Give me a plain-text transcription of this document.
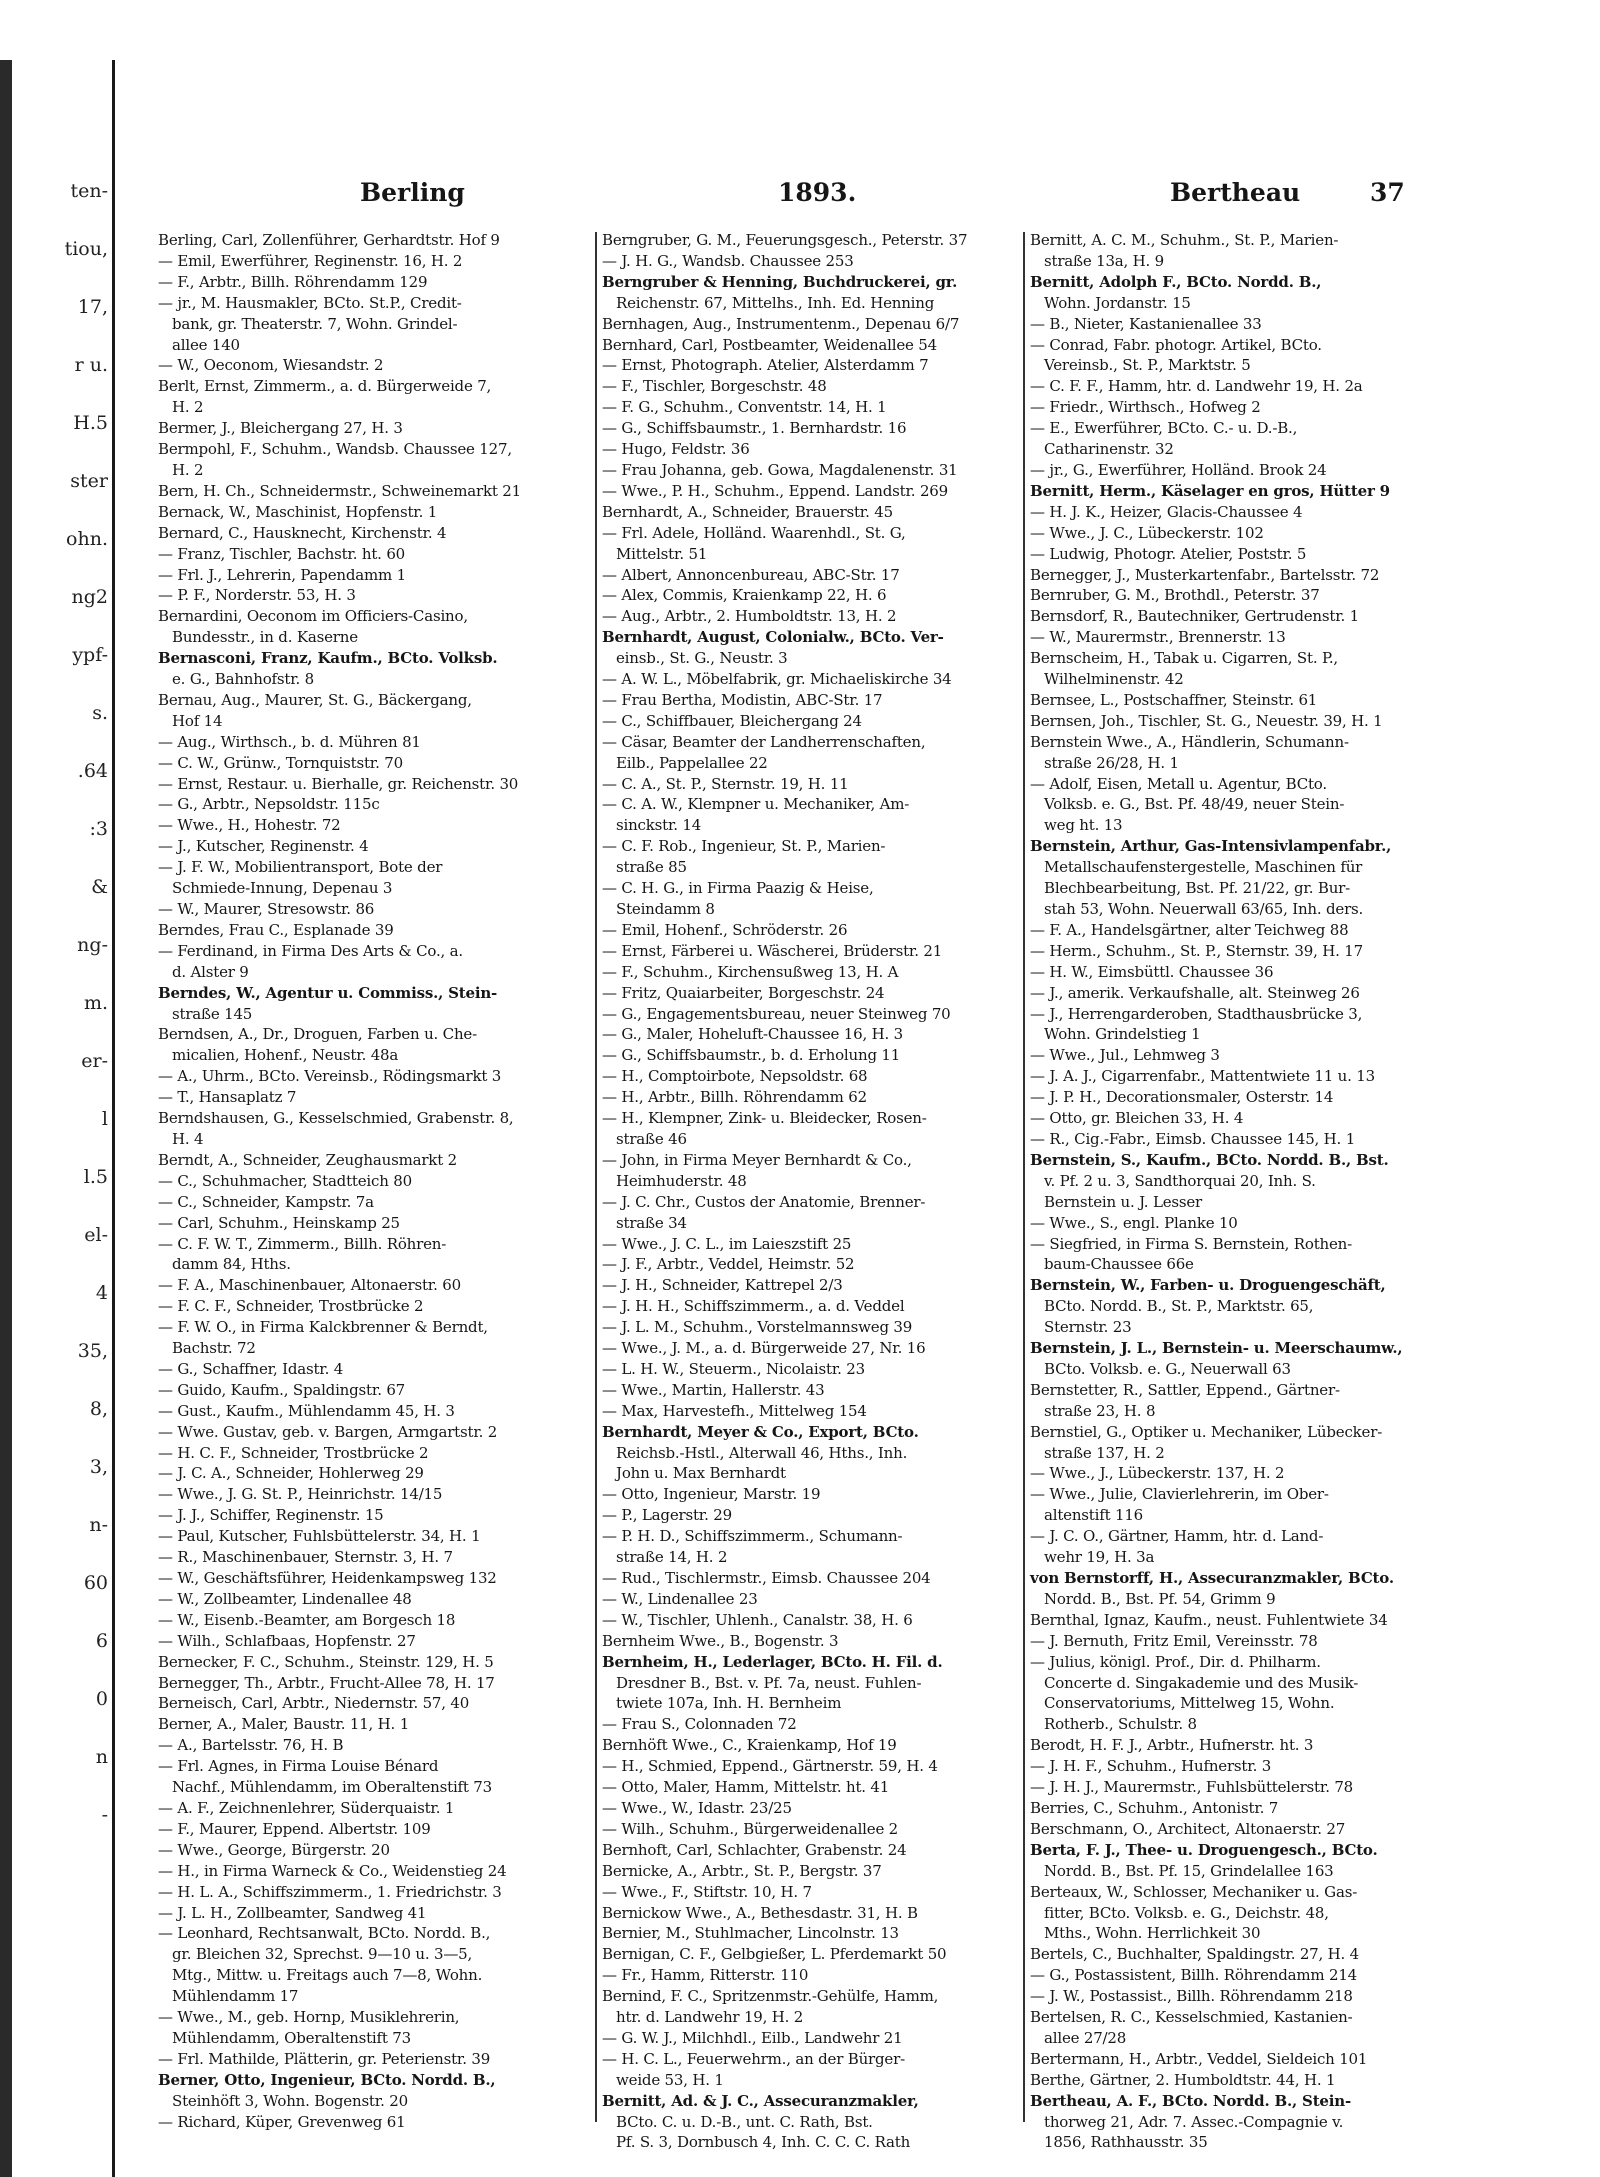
ten-
tiou,
17,
r u.
H.5
ster
ohn.
ng2
ypf-
s.
.64
:3
&
ng-
m.
er-
l
l.5
el-
4
35,
8,
3,
n-
60
6
0
n
-
Berling	1893.	Bertheau	37
Berling, Carl, Zollenführer, Gerhardtstr. Hof 9
— Emil, Ewerführer, Reginenstr. 16, H. 2
— F., Arbtr., Billh. Röhrendamm 129
— jr., M. Hausmakler, BCto. St.P., Credit-
bank, gr. Theaterstr. 7, Wohn. Grindel-
allee 140
— W., Oeconom, Wiesandstr. 2
Berlt, Ernst, Zimmerm., a. d. Bürgerweide 7,
H. 2
Bermer, J., Bleichergang 27, H. 3
Bermpohl, F., Schuhm., Wandsb. Chaussee 127,
H. 2
Bern, H. Ch., Schneidermstr., Schweinemarkt 21
Bernack, W., Maschinist, Hopfenstr. 1
Bernard, C., Hausknecht, Kirchenstr. 4
— Franz, Tischler, Bachstr. ht. 60
— Frl. J., Lehrerin, Papendamm 1
— P. F., Norderstr. 53, H. 3
Bernardini, Oeconom im Officiers-Casino,
Bundesstr., in d. Kaserne
Bernasconi, Franz, Kaufm., BCto. Volksb.
e. G., Bahnhofstr. 8
Bernau, Aug., Maurer, St. G., Bäckergang,
Hof 14
— Aug., Wirthsch., b. d. Mühren 81
— C. W., Grünw., Tornquiststr. 70
— Ernst, Restaur. u. Bierhalle, gr. Reichenstr. 30
— G., Arbtr., Nepsoldstr. 115c
— Wwe., H., Hohestr. 72
— J., Kutscher, Reginenstr. 4
— J. F. W., Mobilientransport, Bote der
Schmiede-Innung, Depenau 3
— W., Maurer, Stresowstr. 86
Berndes, Frau C., Esplanade 39
— Ferdinand, in Firma Des Arts & Co., a.
d. Alster 9
Berndes, W., Agentur u. Commiss., Stein-
straße 145
Berndsen, A., Dr., Droguen, Farben u. Che-
micalien, Hohenf., Neustr. 48a
— A., Uhrm., BCto. Vereinsb., Rödingsmarkt 3
— T., Hansaplatz 7
Berndshausen, G., Kesselschmied, Grabenstr. 8,
H. 4
Berndt, A., Schneider, Zeughausmarkt 2
— C., Schuhmacher, Stadtteich 80
— C., Schneider, Kampstr. 7a
— Carl, Schuhm., Heinskamp 25
— C. F. W. T., Zimmerm., Billh. Röhren-
damm 84, Hths.
— F. A., Maschinenbauer, Altonaerstr. 60
— F. C. F., Schneider, Trostbrücke 2
— F. W. O., in Firma Kalckbrenner & Berndt,
Bachstr. 72
— G., Schaffner, Idastr. 4
— Guido, Kaufm., Spaldingstr. 67
— Gust., Kaufm., Mühlendamm 45, H. 3
— Wwe. Gustav, geb. v. Bargen, Armgartstr. 2
— H. C. F., Schneider, Trostbrücke 2
— J. C. A., Schneider, Hohlerweg 29
— Wwe., J. G. St. P., Heinrichstr. 14/15
— J. J., Schiffer, Reginenstr. 15
— Paul, Kutscher, Fuhlsbüttelerstr. 34, H. 1
— R., Maschinenbauer, Sternstr. 3, H. 7
— W., Geschäftsführer, Heidenkampsweg 132
— W., Zollbeamter, Lindenallee 48
— W., Eisenb.-Beamter, am Borgesch 18
— Wilh., Schlafbaas, Hopfenstr. 27
Bernecker, F. C., Schuhm., Steinstr. 129, H. 5
Bernegger, Th., Arbtr., Frucht-Allee 78, H. 17
Berneisch, Carl, Arbtr., Niedernstr. 57, 40
Berner, A., Maler, Baustr. 11, H. 1
— A., Bartelsstr. 76, H. B
— Frl. Agnes, in Firma Louise Bénard
Nachf., Mühlendamm, im Oberaltenstift 73
— A. F., Zeichnenlehrer, Süderquaistr. 1
— F., Maurer, Eppend. Albertstr. 109
— Wwe., George, Bürgerstr. 20
— H., in Firma Warneck & Co., Weidenstieg 24
— H. L. A., Schiffszimmerm., 1. Friedrichstr. 3
— J. L. H., Zollbeamter, Sandweg 41
— Leonhard, Rechtsanwalt, BCto. Nordd. B.,
gr. Bleichen 32, Sprechst. 9—10 u. 3—5,
Mtg., Mittw. u. Freitags auch 7—8, Wohn.
Mühlendamm 17
— Wwe., M., geb. Hornp, Musiklehrerin,
Mühlendamm, Oberaltenstift 73
— Frl. Mathilde, Plätterin, gr. Peterienstr. 39
Berner, Otto, Ingenieur, BCto. Nordd. B.,
Steinhöft 3, Wohn. Bogenstr. 20
— Richard, Küper, Grevenweg 61
Berngruber, G. M., Feuerungsgesch., Peterstr. 37
— J. H. G., Wandsb. Chaussee 253
Berngruber & Henning, Buchdruckerei, gr.
Reichenstr. 67, Mittelhs., Inh. Ed. Henning
Bernhagen, Aug., Instrumentenm., Depenau 6/7
Bernhard, Carl, Postbeamter, Weidenallee 54
— Ernst, Photograph. Atelier, Alsterdamm 7
— F., Tischler, Borgeschstr. 48
— F. G., Schuhm., Conventstr. 14, H. 1
— G., Schiffsbaumstr., 1. Bernhardstr. 16
— Hugo, Feldstr. 36
— Frau Johanna, geb. Gowa, Magdalenenstr. 31
— Wwe., P. H., Schuhm., Eppend. Landstr. 269
Bernhardt, A., Schneider, Brauerstr. 45
— Frl. Adele, Holländ. Waarenhdl., St. G,
Mittelstr. 51
— Albert, Annoncenbureau, ABC-Str. 17
— Alex, Commis, Kraienkamp 22, H. 6
— Aug., Arbtr., 2. Humboldtstr. 13, H. 2
Bernhardt, August, Colonialw., BCto. Ver-
einsb., St. G., Neustr. 3
— A. W. L., Möbelfabrik, gr. Michaeliskirche 34
— Frau Bertha, Modistin, ABC-Str. 17
— C., Schiffbauer, Bleichergang 24
— Cäsar, Beamter der Landherrenschaften,
Eilb., Pappelallee 22
— C. A., St. P., Sternstr. 19, H. 11
— C. A. W., Klempner u. Mechaniker, Am-
sinckstr. 14
— C. F. Rob., Ingenieur, St. P., Marien-
straße 85
— C. H. G., in Firma Paazig & Heise,
Steindamm 8
— Emil, Hohenf., Schröderstr. 26
— Ernst, Färberei u. Wäscherei, Brüderstr. 21
— F., Schuhm., Kirchensußweg 13, H. A
— Fritz, Quaiarbeiter, Borgeschstr. 24
— G., Engagementsbureau, neuer Steinweg 70
— G., Maler, Hoheluft-Chaussee 16, H. 3
— G., Schiffsbaumstr., b. d. Erholung 11
— H., Comptoirbote, Nepsoldstr. 68
— H., Arbtr., Billh. Röhrendamm 62
— H., Klempner, Zink- u. Bleidecker, Rosen-
straße 46
— John, in Firma Meyer Bernhardt & Co.,
Heimhuderstr. 48
— J. C. Chr., Custos der Anatomie, Brenner-
straße 34
— Wwe., J. C. L., im Laieszstift 25
— J. F., Arbtr., Veddel, Heimstr. 52
— J. H., Schneider, Kattrepel 2/3
— J. H. H., Schiffszimmerm., a. d. Veddel
— J. L. M., Schuhm., Vorstelmannsweg 39
— Wwe., J. M., a. d. Bürgerweide 27, Nr. 16
— L. H. W., Steuerm., Nicolaistr. 23
— Wwe., Martin, Hallerstr. 43
— Max, Harvestefh., Mittelweg 154
Bernhardt, Meyer & Co., Export, BCto.
Reichsb.-Hstl., Alterwall 46, Hths., Inh.
John u. Max Bernhardt
— Otto, Ingenieur, Marstr. 19
— P., Lagerstr. 29
— P. H. D., Schiffszimmerm., Schumann-
straße 14, H. 2
— Rud., Tischlermstr., Eimsb. Chaussee 204
— W., Lindenallee 23
— W., Tischler, Uhlenh., Canalstr. 38, H. 6
Bernheim Wwe., B., Bogenstr. 3
Bernheim, H., Lederlager, BCto. H. Fil. d.
Dresdner B., Bst. v. Pf. 7a, neust. Fuhlen-
twiete 107a, Inh. H. Bernheim
— Frau S., Colonnaden 72
Bernhöft Wwe., C., Kraienkamp, Hof 19
— H., Schmied, Eppend., Gärtnerstr. 59, H. 4
— Otto, Maler, Hamm, Mittelstr. ht. 41
— Wwe., W., Idastr. 23/25
— Wilh., Schuhm., Bürgerweidenallee 2
Bernhoft, Carl, Schlachter, Grabenstr. 24
Bernicke, A., Arbtr., St. P., Bergstr. 37
— Wwe., F., Stiftstr. 10, H. 7
Bernickow Wwe., A., Bethesdastr. 31, H. B
Bernier, M., Stuhlmacher, Lincolnstr. 13
Bernigan, C. F., Gelbgießer, L. Pferdemarkt 50
— Fr., Hamm, Ritterstr. 110
Bernind, F. C., Spritzenmstr.-Gehülfe, Hamm,
htr. d. Landwehr 19, H. 2
— G. W. J., Milchhdl., Eilb., Landwehr 21
— H. C. L., Feuerwehrm., an der Bürger-
weide 53, H. 1
Bernitt, Ad. & J. C., Assecuranzmakler,
BCto. C. u. D.-B., unt. C. Rath, Bst.
Pf. S. 3, Dornbusch 4, Inh. C. C. C. Rath
Bernitt, A. C. M., Schuhm., St. P., Marien-
straße 13a, H. 9
Bernitt, Adolph F., BCto. Nordd. B.,
Wohn. Jordanstr. 15
— B., Nieter, Kastanienallee 33
— Conrad, Fabr. photogr. Artikel, BCto.
Vereinsb., St. P., Marktstr. 5
— C. F. F., Hamm, htr. d. Landwehr 19, H. 2a
— Friedr., Wirthsch., Hofweg 2
— E., Ewerführer, BCto. C.- u. D.-B.,
Catharinenstr. 32
— jr., G., Ewerführer, Holländ. Brook 24
Bernitt, Herm., Käselager en gros, Hütter 9
— H. J. K., Heizer, Glacis-Chaussee 4
— Wwe., J. C., Lübeckerstr. 102
— Ludwig, Photogr. Atelier, Poststr. 5
Bernegger, J., Musterkartenfabr., Bartelsstr. 72
Bernruber, G. M., Brothdl., Peterstr. 37
Bernsdorf, R., Bautechniker, Gertrudenstr. 1
— W., Maurermstr., Brennerstr. 13
Bernscheim, H., Tabak u. Cigarren, St. P.,
Wilhelminenstr. 42
Bernsee, L., Postschaffner, Steinstr. 61
Bernsen, Joh., Tischler, St. G., Neuestr. 39, H. 1
Bernstein Wwe., A., Händlerin, Schumann-
straße 26/28, H. 1
— Adolf, Eisen, Metall u. Agentur, BCto.
Volksb. e. G., Bst. Pf. 48/49, neuer Stein-
weg ht. 13
Bernstein, Arthur, Gas-Intensivlampenfabr.,
Metallschaufenstergestelle, Maschinen für
Blechbearbeitung, Bst. Pf. 21/22, gr. Bur-
stah 53, Wohn. Neuerwall 63/65, Inh. ders.
— F. A., Handelsgärtner, alter Teichweg 88
— Herm., Schuhm., St. P., Sternstr. 39, H. 17
— H. W., Eimsbüttl. Chaussee 36
— J., amerik. Verkaufshalle, alt. Steinweg 26
— J., Herrengarderoben, Stadthausbrücke 3,
Wohn. Grindelstieg 1
— Wwe., Jul., Lehmweg 3
— J. A. J., Cigarrenfabr., Mattentwiete 11 u. 13
— J. P. H., Decorationsmaler, Osterstr. 14
— Otto, gr. Bleichen 33, H. 4
— R., Cig.-Fabr., Eimsb. Chaussee 145, H. 1
Bernstein, S., Kaufm., BCto. Nordd. B., Bst.
v. Pf. 2 u. 3, Sandthorquai 20, Inh. S.
Bernstein u. J. Lesser
— Wwe., S., engl. Planke 10
— Siegfried, in Firma S. Bernstein, Rothen-
baum-Chaussee 66e
Bernstein, W., Farben- u. Droguengeschäft,
BCto. Nordd. B., St. P., Marktstr. 65,
Sternstr. 23
Bernstein, J. L., Bernstein- u. Meerschaumw.,
BCto. Volksb. e. G., Neuerwall 63
Bernstetter, R., Sattler, Eppend., Gärtner-
straße 23, H. 8
Bernstiel, G., Optiker u. Mechaniker, Lübecker-
straße 137, H. 2
— Wwe., J., Lübeckerstr. 137, H. 2
— Wwe., Julie, Clavierlehrerin, im Ober-
altenstift 116
— J. C. O., Gärtner, Hamm, htr. d. Land-
wehr 19, H. 3a
von Bernstorff, H., Assecuranzmakler, BCto.
Nordd. B., Bst. Pf. 54, Grimm 9
Bernthal, Ignaz, Kaufm., neust. Fuhlentwiete 34
— J. Bernuth, Fritz Emil, Vereinsstr. 78
— Julius, königl. Prof., Dir. d. Philharm.
Concerte d. Singakademie und des Musik-
Conservatoriums, Mittelweg 15, Wohn.
Rotherb., Schulstr. 8
Berodt, H. F. J., Arbtr., Hufnerstr. ht. 3
— J. H. F., Schuhm., Hufnerstr. 3
— J. H. J., Maurermstr., Fuhlsbüttelerstr. 78
Berries, C., Schuhm., Antonistr. 7
Berschmann, O., Architect, Altonaerstr. 27
Berta, F. J., Thee- u. Droguengesch., BCto.
Nordd. B., Bst. Pf. 15, Grindelallee 163
Berteaux, W., Schlosser, Mechaniker u. Gas-
fitter, BCto. Volksb. e. G., Deichstr. 48,
Mths., Wohn. Herrlichkeit 30
Bertels, C., Buchhalter, Spaldingstr. 27, H. 4
— G., Postassistent, Billh. Röhrendamm 214
— J. W., Postassist., Billh. Röhrendamm 218
Bertelsen, R. C., Kesselschmied, Kastanien-
allee 27/28
Bertermann, H., Arbtr., Veddel, Sieldeich 101
Berthe, Gärtner, 2. Humboldtstr. 44, H. 1
Bertheau, A. F., BCto. Nordd. B., Stein-
thorweg 21, Adr. 7. Assec.-Compagnie v.
1856, Rathhausstr. 35
